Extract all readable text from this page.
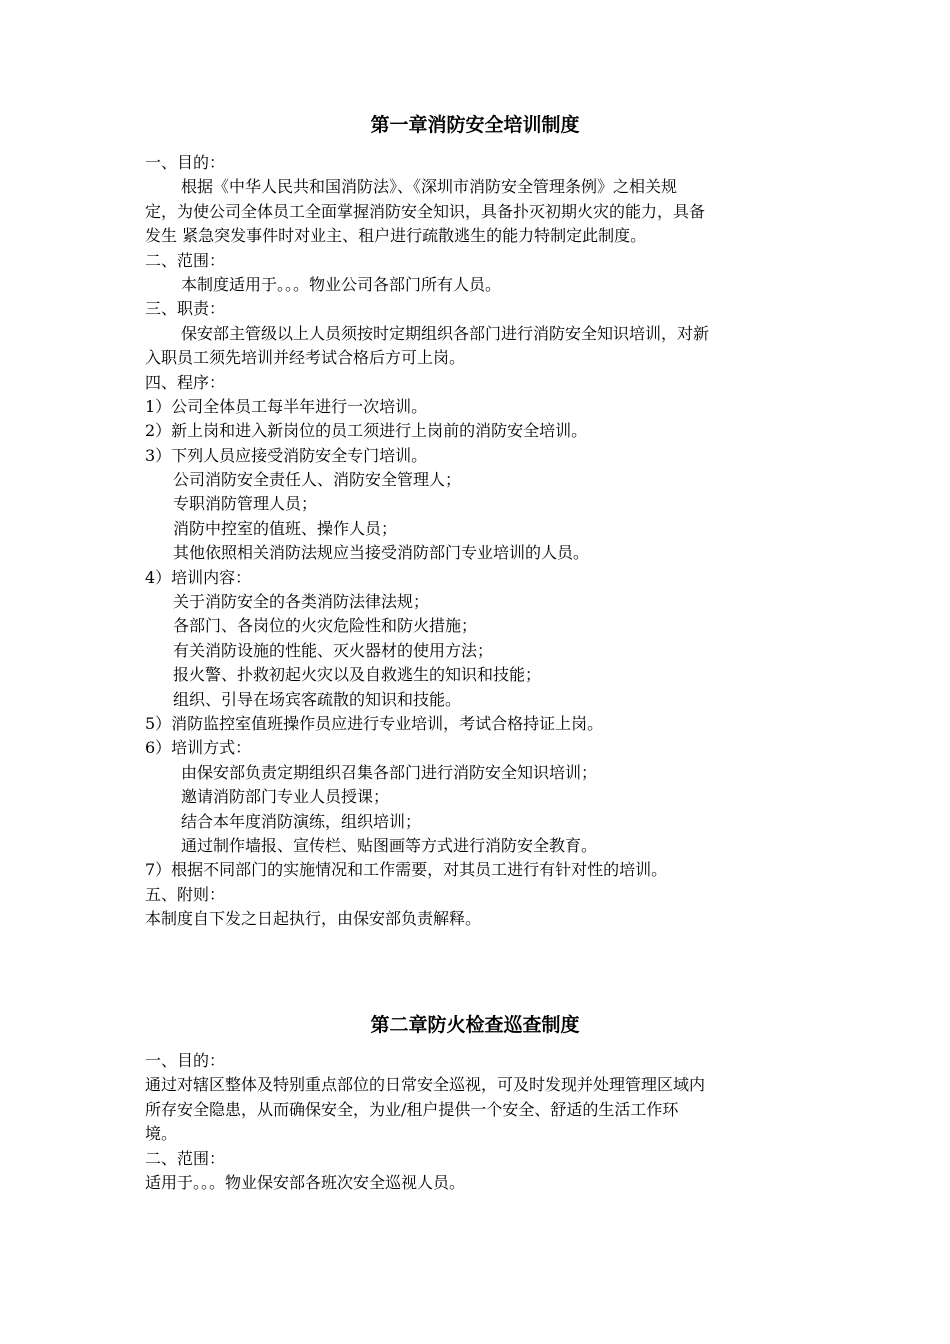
第一章消防安全培训制度
一、目的：
根据《中华人民共和国消防法》、《深圳市消防安全管理条例》之相关规
定，为使公司全体员工全面掌握消防安全知识，具备扑灭初期火灾的能力，具备
发生 紧急突发事件时对业主、租户进行疏散逃生的能力特制定此制度。
二、范围：
本制度适用于。。。物业公司各部门所有人员。
三、职责：
保安部主管级以上人员须按时定期组织各部门进行消防安全知识培训，对新
入职员工须先培训并经考试合格后方可上岗。
四、程序：
1）公司全体员工每半年进行一次培训。
2）新上岗和进入新岗位的员工须进行上岗前的消防安全培训。
3）下列人员应接受消防安全专门培训。
公司消防安全责任人、消防安全管理人；
专职消防管理人员；
消防中控室的值班、操作人员；
其他依照相关消防法规应当接受消防部门专业培训的人员。
4）培训内容：
关于消防安全的各类消防法律法规；
各部门、各岗位的火灾危险性和防火措施；
有关消防设施的性能、灭火器材的使用方法；
报火警、扑救初起火灾以及自救逃生的知识和技能；
组织、引导在场宾客疏散的知识和技能。
5）消防监控室值班操作员应进行专业培训，考试合格持证上岗。
6）培训方式：
由保安部负责定期组织召集各部门进行消防安全知识培训；
邀请消防部门专业人员授课；
结合本年度消防演练，组织培训；
通过制作墙报、宣传栏、贴图画等方式进行消防安全教育。
7）根据不同部门的实施情况和工作需要，对其员工进行有针对性的培训。
五、附则：
本制度自下发之日起执行，由保安部负责解释。
第二章防火检查巡查制度
一、目的：
通过对辖区整体及特别重点部位的日常安全巡视，可及时发现并处理管理区域内
所存安全隐患，从而确保安全，为业/租户提供一个安全、舒适的生活工作环
境。
二、范围：
适用于。。。物业保安部各班次安全巡视人员。
